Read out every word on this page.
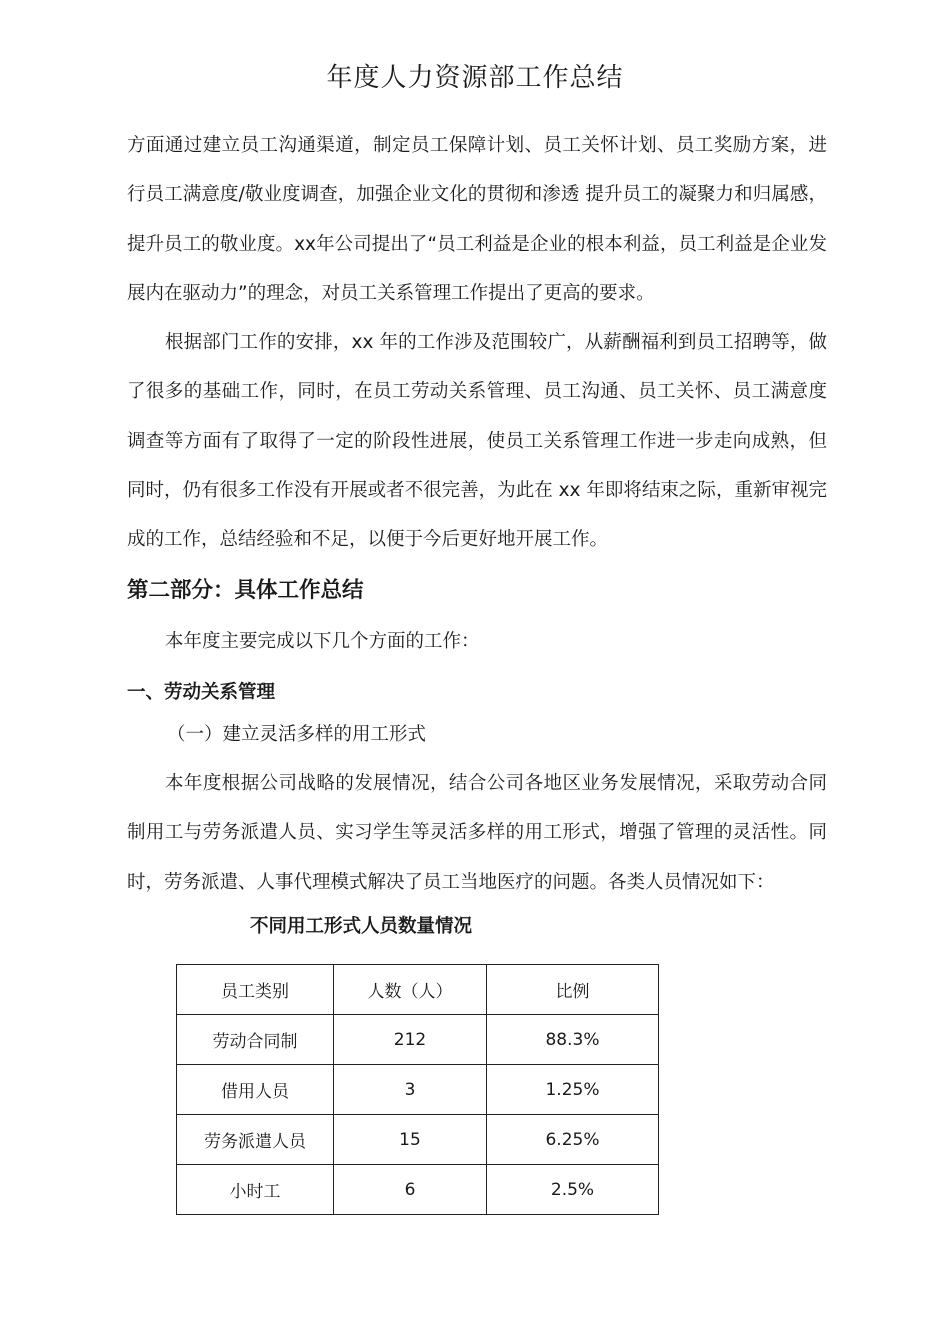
年度人力资源部工作总结

方面通过建立员工沟通渠道，制定员工保障计划、员工关怀计划、员工奖励方案，进行员工满意度/敬业度调查，加强企业文化的贯彻和渗透 提升员工的凝聚力和归属感，提升员工的敬业度。xx年公司提出了“员工利益是企业的根本利益，员工利益是企业发展内在驱动力”的理念，对员工关系管理工作提出了更高的要求。

根据部门工作的安排，xx 年的工作涉及范围较广，从薪酬福利到员工招聘等，做了很多的基础工作，同时，在员工劳动关系管理、员工沟通、员工关怀、员工满意度调查等方面有了取得了一定的阶段性进展，使员工关系管理工作进一步走向成熟，但同时，仍有很多工作没有开展或者不很完善，为此在 xx 年即将结束之际，重新审视完成的工作，总结经验和不足，以便于今后更好地开展工作。

第二部分：具体工作总结

本年度主要完成以下几个方面的工作：

一、劳动关系管理

（一）建立灵活多样的用工形式

本年度根据公司战略的发展情况，结合公司各地区业务发展情况，采取劳动合同制用工与劳务派遣人员、实习学生等灵活多样的用工形式，增强了管理的灵活性。同时，劳务派遣、人事代理模式解决了员工当地医疗的问题。各类人员情况如下：

不同用工形式人员数量情况
员工类别	人数（人）	比例
劳动合同制	212	88.3%
借用人员	3	1.25%
劳务派遣人员	15	6.25%
小时工	6	2.5%
